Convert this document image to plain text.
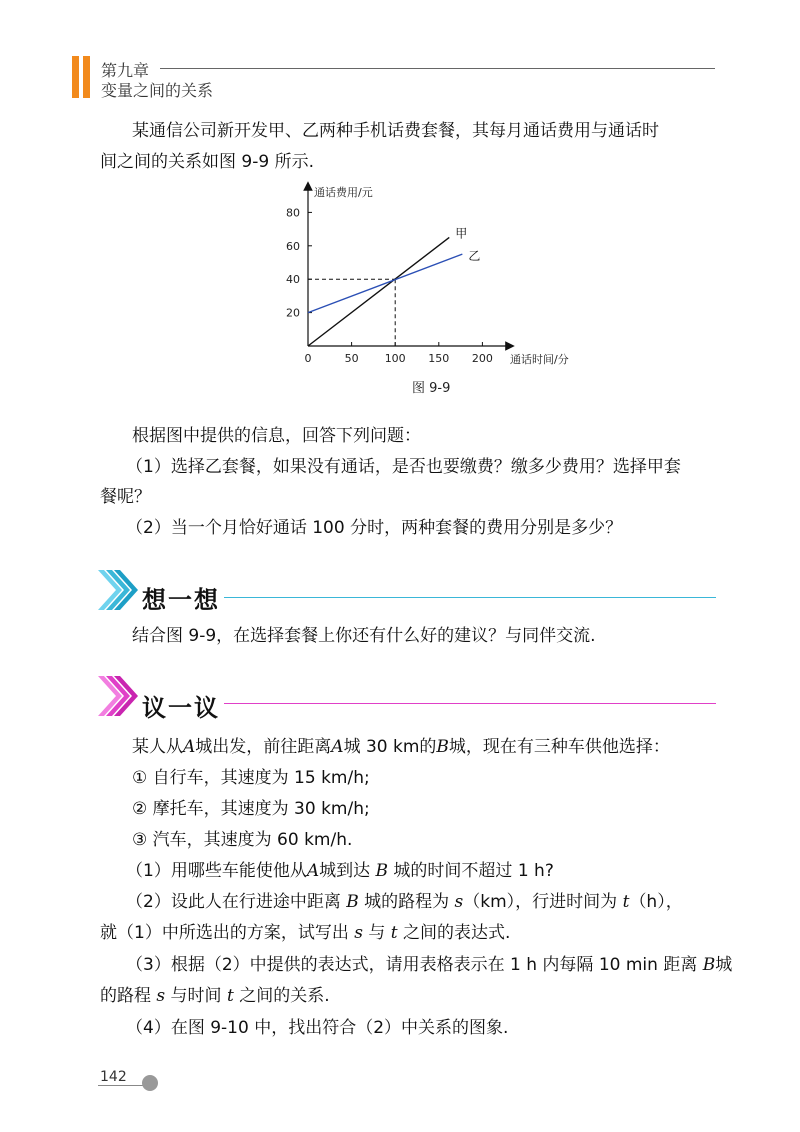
第九章
变量之间的关系
某通信公司新开发甲、乙两种手机话费套餐，其每月通话费用与通话时
间之间的关系如图 9-9 所示.
0	50 100 150 200
20
40
60
80
甲
乙
通话费用/元
通话时间/分
图 9-9
根据图中提供的信息，回答下列问题：
（1）选择乙套餐，如果没有通话，是否也要缴费？缴多少费用？选择甲套
餐呢？
（2）当一个月恰好通话 100 分时，两种套餐的费用分别是多少？
想一想
结合图 9-9，在选择套餐上你还有什么好的建议？与同伴交流.
议一议
某人从A城出发，前往距离A城 30 km的B城，现在有三种车供他选择：
① 自行车，其速度为 15 km/h;
② 摩托车，其速度为 30 km/h;
③ 汽车，其速度为 60 km/h.
（1）用哪些车能使他从A城到达 B 城的时间不超过 1 h?
（2）设此人在行进途中距离 B 城的路程为 s（km），行进时间为 t（h），
就（1）中所选出的方案，试写出 s 与 t 之间的表达式.
（3）根据（2）中提供的表达式，请用表格表示在 1 h 内每隔 10 min 距离 B城
的路程 s 与时间 t 之间的关系.
（4）在图 9-10 中，找出符合（2）中关系的图象.
142
